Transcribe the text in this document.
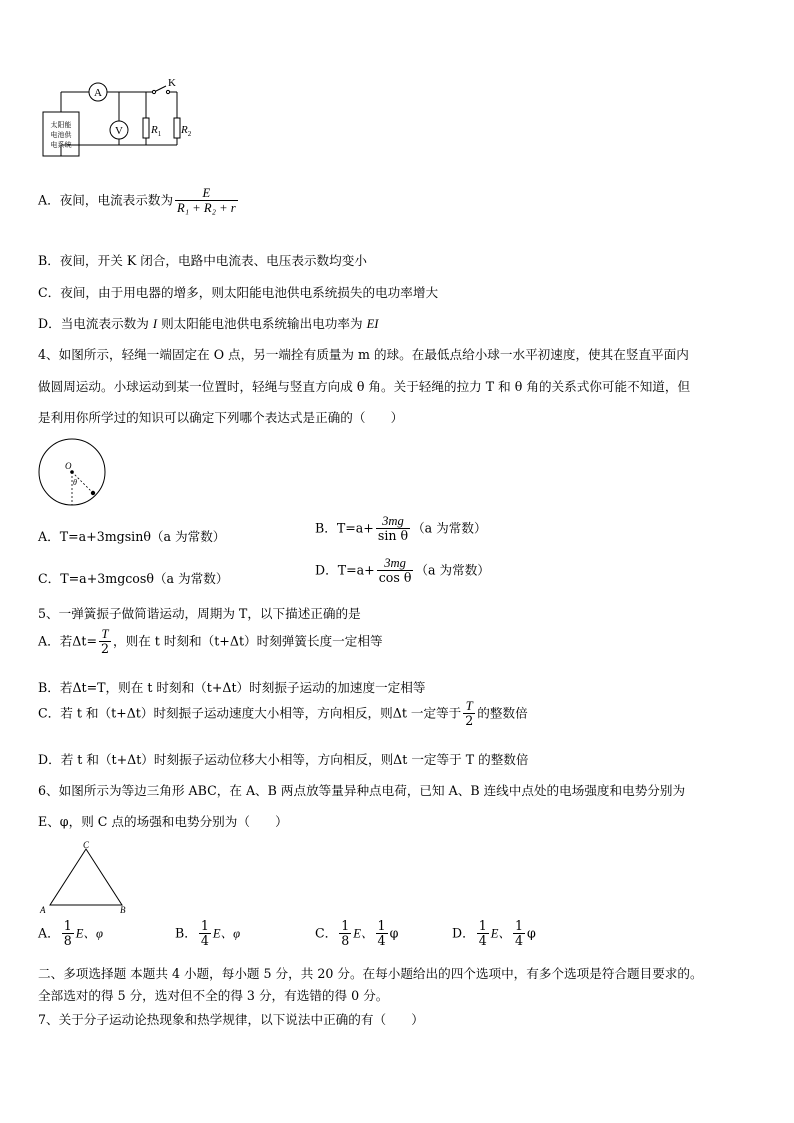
A
V
K
$R_1$ $R_2$
太阳能
电池供
电系统
A．夜间，电流表示数为 $\frac{E}{\text{R₁ + R₂ + r}}$
B．夜间，开关 K 闭合，电路中电流表、电压表示数均变小
C．夜间，由于用电器的增多，则太阳能电池供电系统损失的电功率增大
D．当电流表示数为 I 则太阳能电池供电系统输出电功率为 EI
4、如图所示，轻绳一端固定在 O 点，另一端拴有质量为 m 的球。在最低点给小球一水平初速度，使其在竖直平面内
做圆周运动。小球运动到某一位置时，轻绳与竖直方向成 θ 角。关于轻绳的拉力 T 和 θ 角的关系式你可能不知道，但
是利用你所学过的知识可以确定下列哪个表达式是正确的（　　）
O
θ
A．T=a+3mgsinθ（a 为常数）
B．$T=a+ \frac{3mg}{\text{sin θ}} (a$ 为常数）
C．T=a+3mgcosθ（a 为常数）
D．$T=a+ \frac{3mg}{\text{cos θ}} (a$ 为常数）
5、一弹簧振子做简谐运动，周期为 T，以下描述正确的是
A．若$\Delta t= \frac{T}{2}$ ，则在 t 时刻和（t+Δt）时刻弹簧长度一定相等
B．若Δt=T，则在 t 时刻和（t+Δt）时刻振子运动的加速度一定相等
C．若 t 和（t+Δt）时刻振子运动速度大小相等，方向相反，则Δt 一定等于 $\frac{T}{2}$ 的整数倍
D．若 t 和（t+Δt）时刻振子运动位移大小相等，方向相反，则Δt 一定等于 T 的整数倍
6、如图所示为等边三角形 ABC，在 A、B 两点放等量异种点电荷，已知 A、B 连线中点处的电场强度和电势分别为
E、φ，则 C 点的场强和电势分别为（　　）
C
A	B
A． $\frac{1}{8}$ E、φ	B． $\frac{1}{4}$ E、φ	C． $\frac{1}{8}$ E、 $\frac{1}{4}$ φ	D． $\frac{1}{4}$ E、 $\frac{1}{4}$ φ
二、多项选择题 本题共 4 小题，每小题 5 分，共 20 分。在每小题给出的四个选项中，有多个选项是符合题目要求的。
全部选对的得 5 分，选对但不全的得 3 分，有选错的得 0 分。
7、关于分子运动论热现象和热学规律，以下说法中正确的有（　　）
